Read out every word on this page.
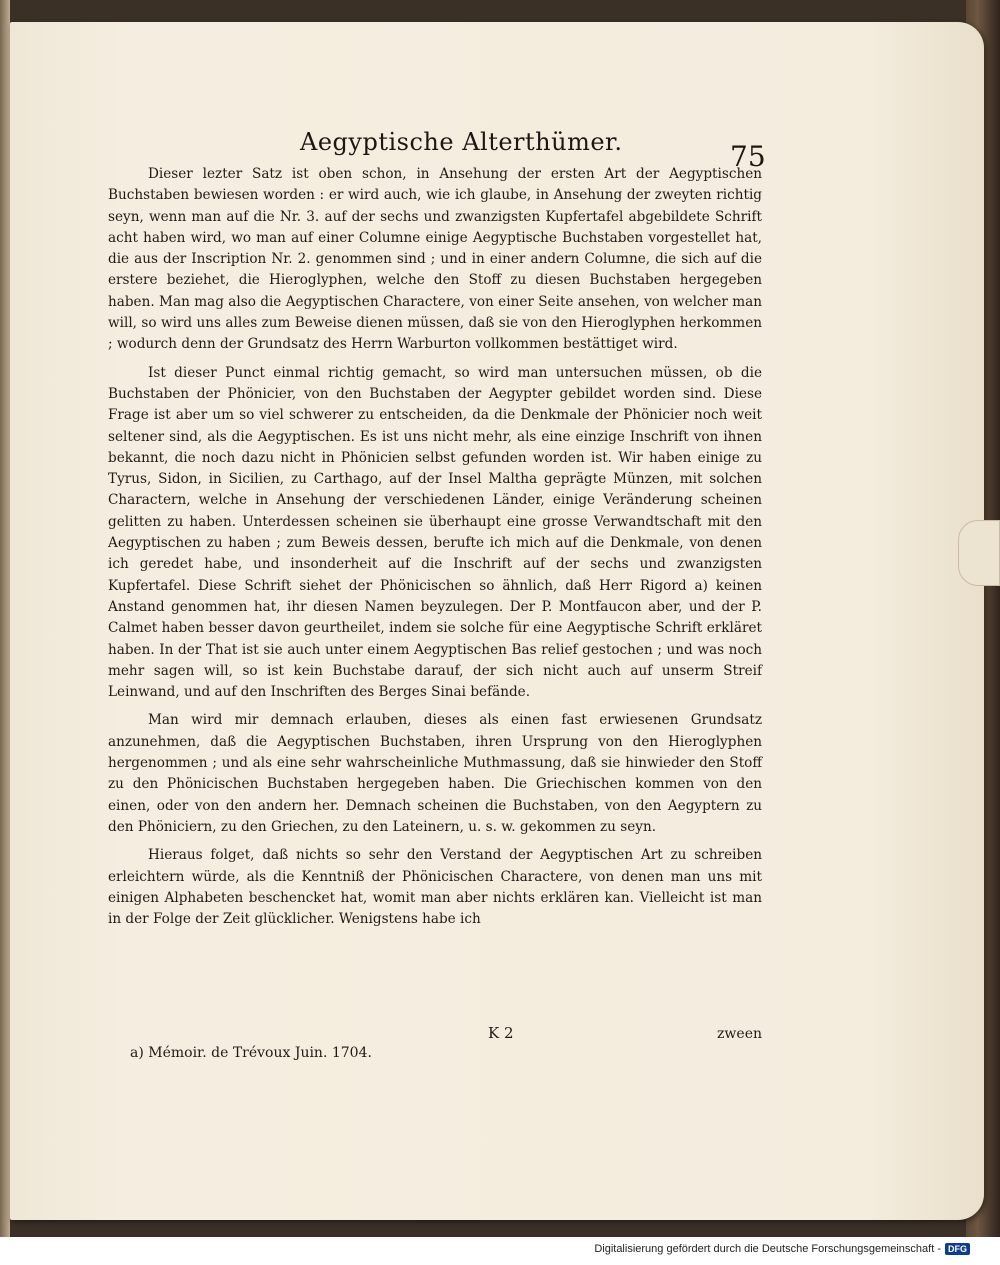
Aegyptische Alterthümer.	75

Dieser lezter Satz ist oben schon, in Ansehung der ersten Art der Aegyptischen Buchstaben bewiesen worden : er wird auch, wie ich glaube, in Ansehung der zweyten richtig seyn, wenn man auf die Nr. 3. auf der sechs und zwanzigsten Kupfertafel abgebildete Schrift acht haben wird, wo man auf einer Columne einige Aegyptische Buchstaben vorgestellet hat, die aus der Inscription Nr. 2. genommen sind ; und in einer andern Columne, die sich auf die erstere beziehet, die Hieroglyphen, welche den Stoff zu diesen Buchstaben hergegeben haben. Man mag also die Aegyptischen Charactere, von einer Seite ansehen, von welcher man will, so wird uns alles zum Beweise dienen müssen, daß sie von den Hieroglyphen herkommen ; wodurch denn der Grundsatz des Herrn Warburton vollkommen bestättiget wird.

Ist dieser Punct einmal richtig gemacht, so wird man untersuchen müssen, ob die Buchstaben der Phönicier, von den Buchstaben der Aegypter gebildet worden sind. Diese Frage ist aber um so viel schwerer zu entscheiden, da die Denkmale der Phönicier noch weit seltener sind, als die Aegyptischen. Es ist uns nicht mehr, als eine einzige Inschrift von ihnen bekannt, die noch dazu nicht in Phönicien selbst gefunden worden ist. Wir haben einige zu Tyrus, Sidon, in Sicilien, zu Carthago, auf der Insel Maltha geprägte Münzen, mit solchen Charactern, welche in Ansehung der verschiedenen Länder, einige Veränderung scheinen gelitten zu haben. Unterdessen scheinen sie überhaupt eine grosse Verwandtschaft mit den Aegyptischen zu haben ; zum Beweis dessen, berufte ich mich auf die Denkmale, von denen ich geredet habe, und insonderheit auf die Inschrift auf der sechs und zwanzigsten Kupfertafel. Diese Schrift siehet der Phönicischen so ähnlich, daß Herr Rigord a) keinen Anstand genommen hat, ihr diesen Namen beyzulegen. Der P. Montfaucon aber, und der P. Calmet haben besser davon geurtheilet, indem sie solche für eine Aegyptische Schrift erkläret haben. In der That ist sie auch unter einem Aegyptischen Bas relief gestochen ; und was noch mehr sagen will, so ist kein Buchstabe darauf, der sich nicht auch auf unserm Streif Leinwand, und auf den Inschriften des Berges Sinai befände.

Man wird mir demnach erlauben, dieses als einen fast erwiesenen Grundsatz anzunehmen, daß die Aegyptischen Buchstaben, ihren Ursprung von den Hieroglyphen hergenommen ; und als eine sehr wahrscheinliche Muthmassung, daß sie hinwieder den Stoff zu den Phönicischen Buchstaben hergegeben haben. Die Griechischen kommen von den einen, oder von den andern her. Demnach scheinen die Buchstaben, von den Aegyptern zu den Phöniciern, zu den Griechen, zu den Lateinern, u. s. w. gekommen zu seyn.

Hieraus folget, daß nichts so sehr den Verstand der Aegyptischen Art zu schreiben erleichtern würde, als die Kenntniß der Phönicischen Charactere, von denen man uns mit einigen Alphabeten beschencket hat, womit man aber nichts erklären kan. Vielleicht ist man in der Folge der Zeit glücklicher. Wenigstens habe ich

K 2	zween
a) Mémoir. de Trévoux Juin. 1704.
Digitalisierung gefördert durch die Deutsche Forschungsgemeinschaft - DFG
